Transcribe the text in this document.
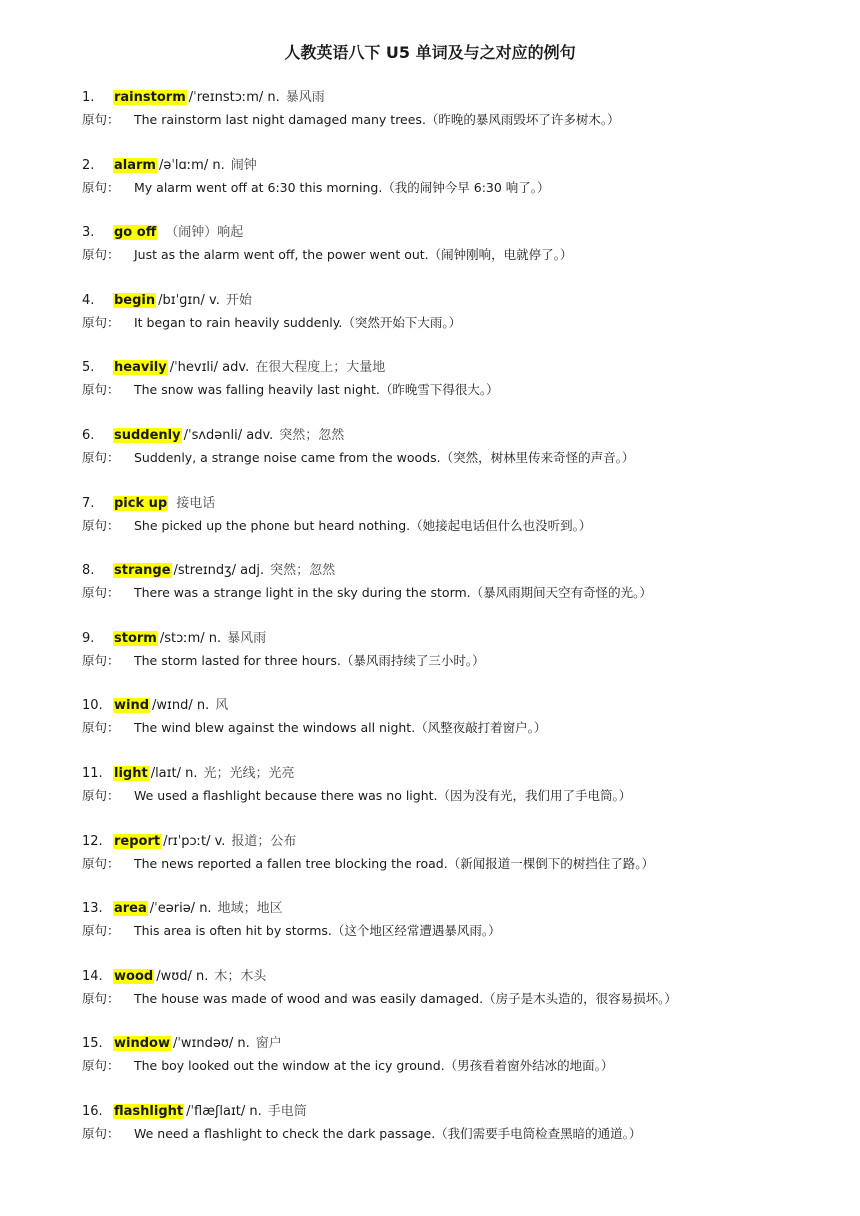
人教英语八下 U5 单词及与之对应的例句
1. rainstorm /ˈreɪnstɔːm/ n. 暴风雨
原句： The rainstorm last night damaged many trees.（昨晚的暴风雨毁坏了许多树木。）
2. alarm /əˈlɑːm/ n. 闹钟
原句： My alarm went off at 6:30 this morning.（我的闹钟今早 6:30 响了。）
3. go off （闹钟）响起
原句： Just as the alarm went off, the power went out.（闹钟刚响，电就停了。）
4. begin /bɪˈɡɪn/ v. 开始
原句： It began to rain heavily suddenly.（突然开始下大雨。）
5. heavily /ˈhevɪli/ adv. 在很大程度上；大量地
原句： The snow was falling heavily last night.（昨晚雪下得很大。）
6. suddenly /ˈsʌdənli/ adv. 突然；忽然
原句： Suddenly, a strange noise came from the woods.（突然，树林里传来奇怪的声音。）
7. pick up 接电话
原句： She picked up the phone but heard nothing.（她接起电话但什么也没听到。）
8. strange /streɪndʒ/ adj. 突然；忽然
原句： There was a strange light in the sky during the storm.（暴风雨期间天空有奇怪的光。）
9. storm /stɔːm/ n. 暴风雨
原句： The storm lasted for three hours.（暴风雨持续了三小时。）
10. wind /wɪnd/ n. 风
原句： The wind blew against the windows all night.（风整夜敲打着窗户。）
11. light /laɪt/ n. 光；光线；光亮
原句： We used a flashlight because there was no light.（因为没有光，我们用了手电筒。）
12. report /rɪˈpɔːt/ v. 报道；公布
原句： The news reported a fallen tree blocking the road.（新闻报道一棵倒下的树挡住了路。）
13. area /ˈeəriə/ n. 地域；地区
原句： This area is often hit by storms.（这个地区经常遭遇暴风雨。）
14. wood /wʊd/ n. 木；木头
原句： The house was made of wood and was easily damaged.（房子是木头造的，很容易损坏。）
15. window /ˈwɪndəʊ/ n. 窗户
原句： The boy looked out the window at the icy ground.（男孩看着窗外结冰的地面。）
16. flashlight /ˈflæʃlaɪt/ n. 手电筒
原句： We need a flashlight to check the dark passage.（我们需要手电筒检查黑暗的通道。）
